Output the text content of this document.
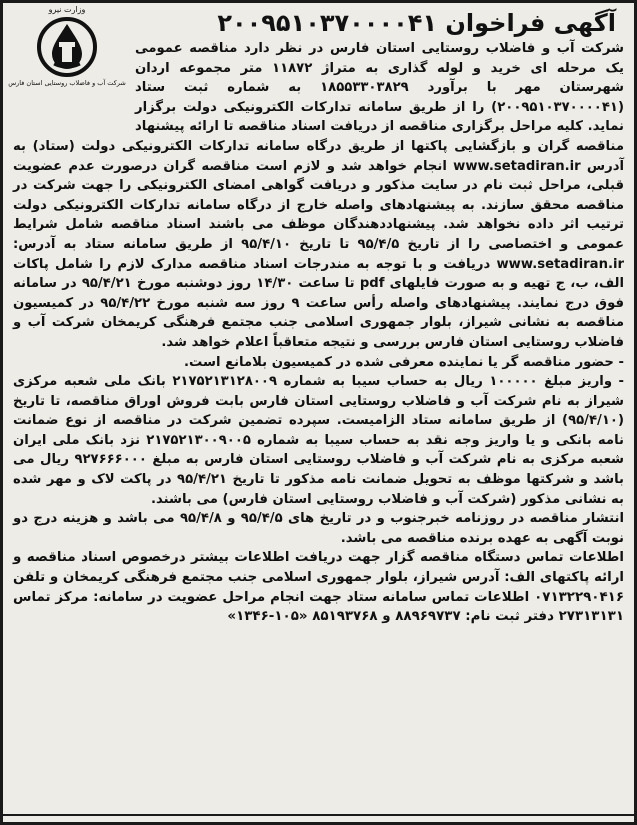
آگهی فراخوان ۲۰۰۹۵۱۰۳۷۰۰۰۰۴۱
وزارت نیرو
شرکت آب و فاضلاب روستایی استان فارس

شرکت آب و فاضلاب روستایی استان فارس در نظر دارد مناقصه عمومی یک مرحله ای خرید و لوله گذاری به متراژ ۱۱۸۷۲ متر مجموعه اردان شهرستان مهر با برآورد ۱۸۵۵۳۳۰۳۸۲۹ به شماره ثبت ستاد (۲۰۰۹۵۱۰۳۷۰۰۰۰۴۱) را از طریق سامانه تدارکات الکترونیکی دولت برگزار نماید. کلیه مراحل برگزاری مناقصه از دریافت اسناد مناقصه تا ارائه پیشنهاد مناقصه گران و بازگشایی پاکتها از طریق درگاه سامانه تدارکات الکترونیکی دولت (ستاد) به آدرس www.setadiran.ir انجام خواهد شد و لازم است مناقصه گران درصورت عدم عضویت قبلی، مراحل ثبت نام در سایت مذکور و دریافت گواهی امضای الکترونیکی را جهت شرکت در مناقصه محقق سازند. به پیشنهادهای واصله خارج از درگاه سامانه تدارکات الکترونیکی دولت ترتیب اثر داده نخواهد شد. پیشنهاددهندگان موظف می باشند اسناد مناقصه شامل شرایط عمومی و اختصاصی را از تاریخ ۹۵/۴/۵ تا تاریخ ۹۵/۴/۱۰ از طریق سامانه ستاد به آدرس: www.setadiran.ir دریافت و با توجه به مندرجات اسناد مناقصه مدارک لازم را شامل پاکات الف، ب، ج تهیه و به صورت فایلهای pdf تا ساعت ۱۴/۳۰ روز دوشنبه مورخ ۹۵/۴/۲۱ در سامانه فوق درج نمایند. پیشنهادهای واصله رأس ساعت ۹ روز سه شنبه مورخ ۹۵/۴/۲۲ در کمیسیون مناقصه به نشانی شیراز، بلوار جمهوری اسلامی جنب مجتمع فرهنگی کریمخان شرکت آب و فاضلاب روستایی استان فارس بررسی و نتیجه متعاقباً اعلام خواهد شد.

- حضور مناقصه گر یا نماینده معرفی شده در کمیسیون بلامانع است.

- واریز مبلغ ۱۰۰۰۰۰ ریال به حساب سیبا به شماره ۲۱۷۵۲۱۳۱۲۸۰۰۹ بانک ملی شعبه مرکزی شیراز به نام شرکت آب و فاضلاب روستایی استان فارس بابت فروش اوراق مناقصه، تا تاریخ (۹۵/۴/۱۰) از طریق سامانه ستاد الزامیست. سپرده تضمین شرکت در مناقصه از نوع ضمانت نامه بانکی و یا واریز وجه نقد به حساب سیبا به شماره ۲۱۷۵۲۱۳۰۰۹۰۰۵ نزد بانک ملی ایران شعبه مرکزی به نام شرکت آب و فاضلاب روستایی استان فارس به مبلغ ۹۲۷۶۶۶۰۰۰ ریال می باشد و شرکتها موظف به تحویل ضمانت نامه مذکور تا تاریخ ۹۵/۴/۲۱ در پاکت لاک و مهر شده به نشانی مذکور (شرکت آب و فاضلاب روستایی استان فارس) می باشند.

انتشار مناقصه در روزنامه خبرجنوب و در تاریخ های ۹۵/۴/۵ و ۹۵/۴/۸ می باشد و هزینه درج دو نوبت آگهی به عهده برنده مناقصه می باشد.

اطلاعات تماس دستگاه مناقصه گزار جهت دریافت اطلاعات بیشتر درخصوص اسناد مناقصه و ارائه پاکتهای الف: آدرس شیراز، بلوار جمهوری اسلامی جنب مجتمع فرهنگی کریمخان و تلفن ۰۷۱۳۲۲۹۰۴۱۶ اطلاعات تماس سامانه ستاد جهت انجام مراحل عضویت در سامانه: مرکز تماس ۲۷۳۱۳۱۳۱ دفتر ثبت نام: ۸۸۹۶۹۷۳۷ و ۸۵۱۹۳۷۶۸ «۱۰۵-۱۳۴۶»
